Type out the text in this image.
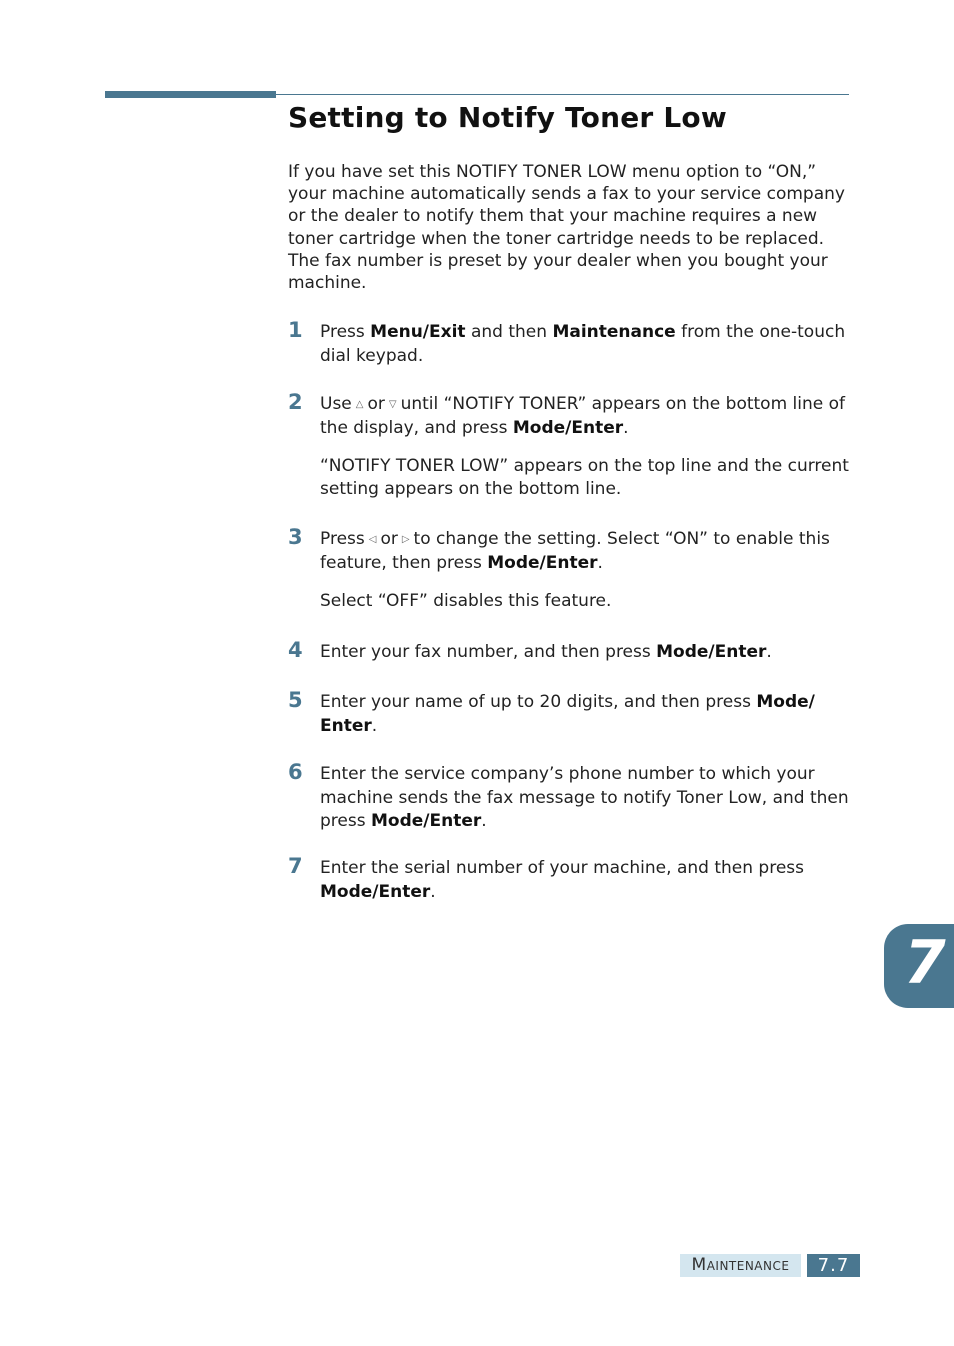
Setting to Notify Toner Low

If you have set this NOTIFY TONER LOW menu option to “ON,” your machine automatically sends a fax to your service company or the dealer to notify them that your machine requires a new toner cartridge when the toner cartridge needs to be replaced. The fax number is preset by your dealer when you bought your machine.

1 Press Menu/Exit and then Maintenance from the one-touch dial keypad.
2 Use △ or ▽ until “NOTIFY TONER” appears on the bottom line of the display, and press Mode/Enter.
“NOTIFY TONER LOW” appears on the top line and the current setting appears on the bottom line.
3 Press ◁ or ▷ to change the setting. Select “ON” to enable this feature, then press Mode/Enter.
Select “OFF” disables this feature.
4 Enter your fax number, and then press Mode/Enter.
5 Enter your name of up to 20 digits, and then press Mode/ Enter.
6 Enter the service company’s phone number to which your machine sends the fax message to notify Toner Low, and then press Mode/Enter.
7 Enter the serial number of your machine, and then press Mode/Enter.
7
Maintenance	7.7
